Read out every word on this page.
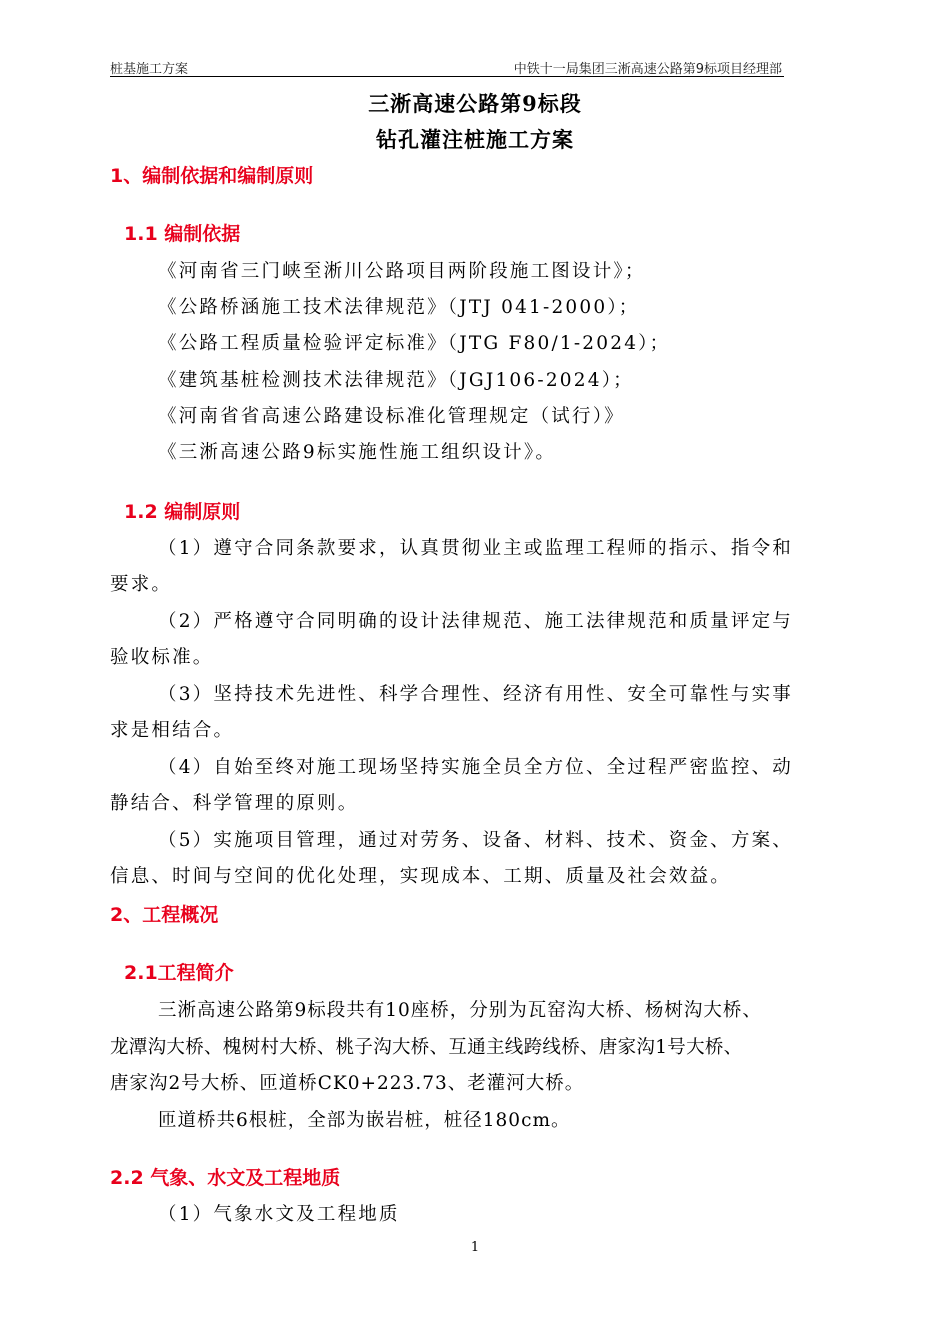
桩基施工方案	中铁十一局集团三淅高速公路第9标项目经理部
三淅高速公路第9标段
钻孔灌注桩施工方案
1、编制依据和编制原则
1.1 编制依据
《河南省三门峡至淅川公路项目两阶段施工图设计》；
《公路桥涵施工技术法律规范》（JTJ 041-2000）；
《公路工程质量检验评定标准》（JTG F80/1-2024）；
《建筑基桩检测技术法律规范》（JGJ106-2024）；
《河南省省高速公路建设标准化管理规定（试行）》
《三淅高速公路9标实施性施工组织设计》。
1.2 编制原则
（1）遵守合同条款要求，认真贯彻业主或监理工程师的指示、指令和
要求。
（2）严格遵守合同明确的设计法律规范、施工法律规范和质量评定与
验收标准。
（3）坚持技术先进性、科学合理性、经济有用性、安全可靠性与实事
求是相结合。
（4）自始至终对施工现场坚持实施全员全方位、全过程严密监控、动
静结合、科学管理的原则。
（5）实施项目管理，通过对劳务、设备、材料、技术、资金、方案、
信息、时间与空间的优化处理，实现成本、工期、质量及社会效益。
2、工程概况
2.1工程简介
三淅高速公路第9标段共有10座桥，分别为瓦窑沟大桥、杨树沟大桥、
龙潭沟大桥、槐树村大桥、桃子沟大桥、互通主线跨线桥、唐家沟1号大桥、
唐家沟2号大桥、匝道桥CK0+223.73、老灌河大桥。
匝道桥共6根桩，全部为嵌岩桩，桩径180cm。
2.2 气象、水文及工程地质
（1）气象水文及工程地质
1
